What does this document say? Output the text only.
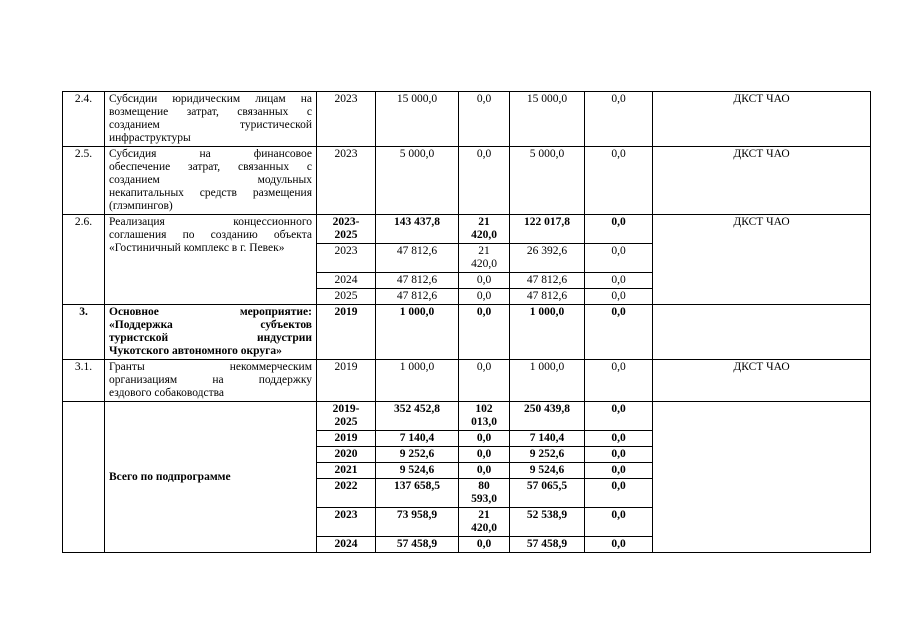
2.4.	Субсидии юридическим лицам на
возмещение затрат, связанных с
созданием туристической
инфраструктуры	2023	15 000,0	0,0	15 000,0	0,0	ДКСТ ЧАО
2.5.	Субсидия на финансовое
обеспечение затрат, связанных с
созданием модульных
некапитальных средств размещения
(глэмпингов)	2023	5 000,0	0,0	5 000,0	0,0	ДКСТ ЧАО
2.6.	Реализация концессионного
соглашения по созданию объекта
«Гостиничный комплекс в г. Певек»	2023-
2025	143 437,8	21
420,0	122 017,8	0,0	ДКСТ ЧАО
		2023	47 812,6	21
420,0	26 392,6	0,0	
		2024	47 812,6	0,0	47 812,6	0,0	
		2025	47 812,6	0,0	47 812,6	0,0	
3.	Основное мероприятие:
«Поддержка субъектов
туристской индустрии
Чукотского автономного округа»	2019	1 000,0	0,0	1 000,0	0,0	
3.1.	Гранты некоммерческим
организациям на поддержку
ездового собаководства	2019	1 000,0	0,0	1 000,0	0,0	ДКСТ ЧАО
	Всего по подпрограмме	2019-
2025	352 452,8	102
013,0	250 439,8	0,0	
		2019	7 140,4	0,0	7 140,4	0,0	
		2020	9 252,6	0,0	9 252,6	0,0	
		2021	9 524,6	0,0	9 524,6	0,0	
		2022	137 658,5	80
593,0	57 065,5	0,0	
		2023	73 958,9	21
420,0	52 538,9	0,0	
		2024	57 458,9	0,0	57 458,9	0,0	
